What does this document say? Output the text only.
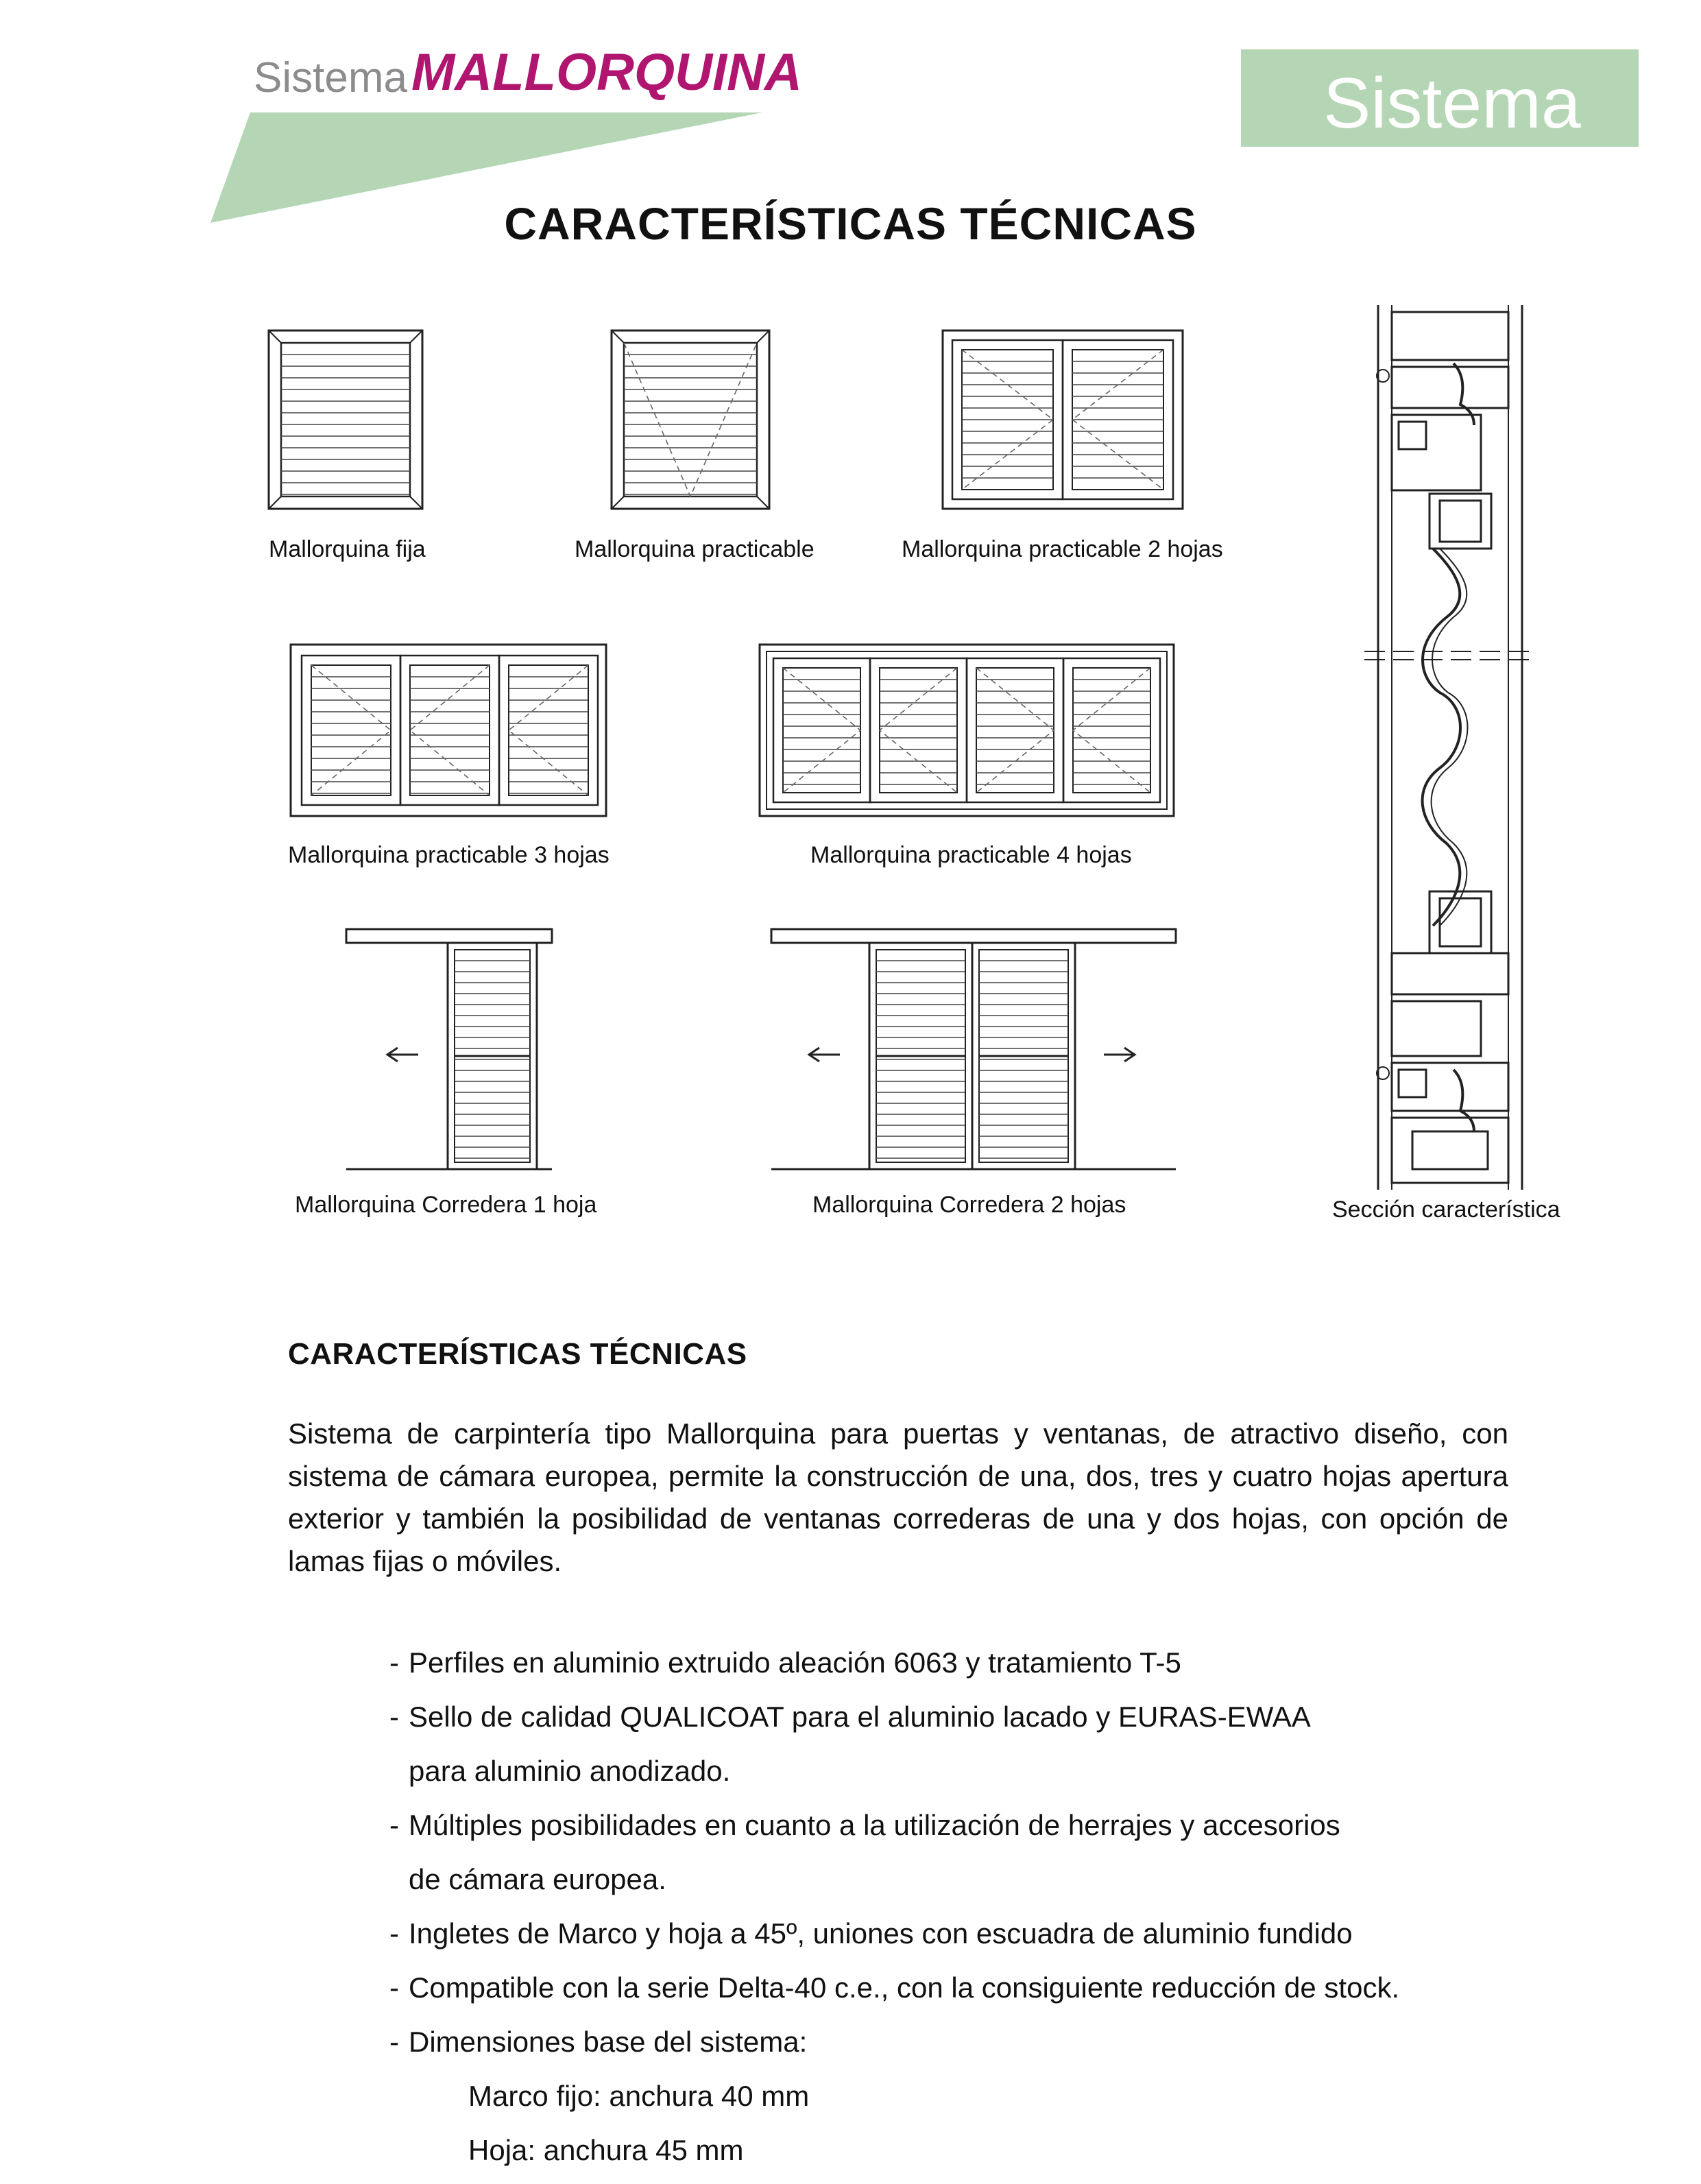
Sistema MALLORQUINA	Sistema
CARACTERÍSTICAS TÉCNICAS
Mallorquina fija	Mallorquina practicable	Mallorquina practicable 2 hojas
Mallorquina practicable 3 hojas	Mallorquina practicable 4 hojas
Mallorquina Corredera 1 hoja	Mallorquina Corredera 2 hojas	Sección característica
CARACTERÍSTICAS TÉCNICAS
Sistema de carpintería tipo Mallorquina para puertas y ventanas, de atractivo diseño, con sistema de cámara europea, permite la construcción de una, dos, tres y cuatro hojas apertura exterior y también la posibilidad de ventanas correderas de una y dos hojas, con opción de lamas fijas o móviles.
- Perfiles en aluminio extruido aleación 6063 y tratamiento T-5
- Sello de calidad QUALICOAT para el aluminio lacado y EURAS-EWAA
para aluminio anodizado.
- Múltiples posibilidades en cuanto a la utilización de herrajes y accesorios
de cámara europea.
- Ingletes de Marco y hoja a 45º, uniones con escuadra de aluminio fundido
- Compatible con la serie Delta-40 c.e., con la consiguiente reducción de stock.
- Dimensiones base del sistema:
Marco fijo: anchura 40 mm
Hoja: anchura 45 mm
